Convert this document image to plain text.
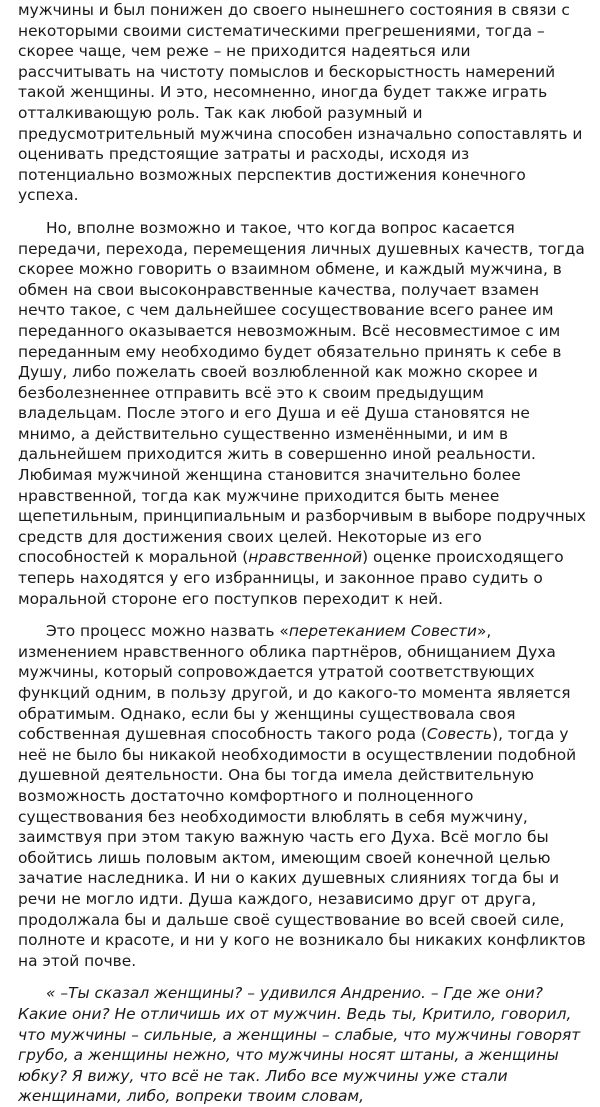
мужчины и был понижен до своего нынешнего состояния в связи с некоторыми своими систематическими прегрешениями, тогда – скорее чаще, чем реже – не приходится надеяться или рассчитывать на чистоту помыслов и бескорыстность намерений такой женщины. И это, несомненно, иногда будет также играть отталкивающую роль. Так как любой разумный и предусмотрительный мужчина способен изначально сопоставлять и оценивать предстоящие затраты и расходы, исходя из потенциально возможных перспектив достижения конечного успеха.

Но, вполне возможно и такое, что когда вопрос касается передачи, перехода, перемещения личных душевных качеств, тогда скорее можно говорить о взаимном обмене, и каждый мужчина, в обмен на свои высоконравственные качества, получает взамен нечто такое, с чем дальнейшее сосуществование всего ранее им переданного оказывается невозможным. Всё несовместимое с им переданным ему необходимо будет обязательно принять к себе в Душу, либо пожелать своей возлюбленной как можно скорее и безболезненнее отправить всё это к своим предыдущим владельцам. После этого и его Душа и её Душа становятся не мнимо, а действительно существенно изменёнными, и им в дальнейшем приходится жить в совершенно иной реальности. Любимая мужчиной женщина становится значительно более нравственной, тогда как мужчине приходится быть менее щепетильным, принципиальным и разборчивым в выборе подручных средств для достижения своих целей. Некоторые из его способностей к моральной (нравственной) оценке происходящего теперь находятся у его избранницы, и законное право судить о моральной стороне его поступков переходит к ней.

Это процесс можно назвать «перетеканием Совести», изменением нравственного облика партнёров, обнищанием Духа мужчины, который сопровождается утратой соответствующих функций одним, в пользу другой, и до какого-то момента является обратимым. Однако, если бы у женщины существовала своя собственная душевная способность такого рода (Совесть), тогда у неё не было бы никакой необходимости в осуществлении подобной душевной деятельности. Она бы тогда имела действительную возможность достаточно комфортного и полноценного существования без необходимости влюблять в себя мужчину, заимствуя при этом такую важную часть его Духа. Всё могло бы обойтись лишь половым актом, имеющим своей конечной целью зачатие наследника. И ни о каких душевных слияниях тогда бы и речи не могло идти. Душа каждого, независимо друг от друга, продолжала бы и дальше своё существование во всей своей силе, полноте и красоте, и ни у кого не возникало бы никаких конфликтов на этой почве.

« –Ты сказал женщины? – удивился Андренио. – Где же они? Какие они? Не отличишь их от мужчин. Ведь ты, Критило, говорил, что мужчины – сильные, а женщины – слабые, что мужчины говорят грубо, а женщины нежно, что мужчины носят штаны, а женщины юбку? Я вижу, что всё не так. Либо все мужчины уже стали женщинами, либо, вопреки твоим словам,
